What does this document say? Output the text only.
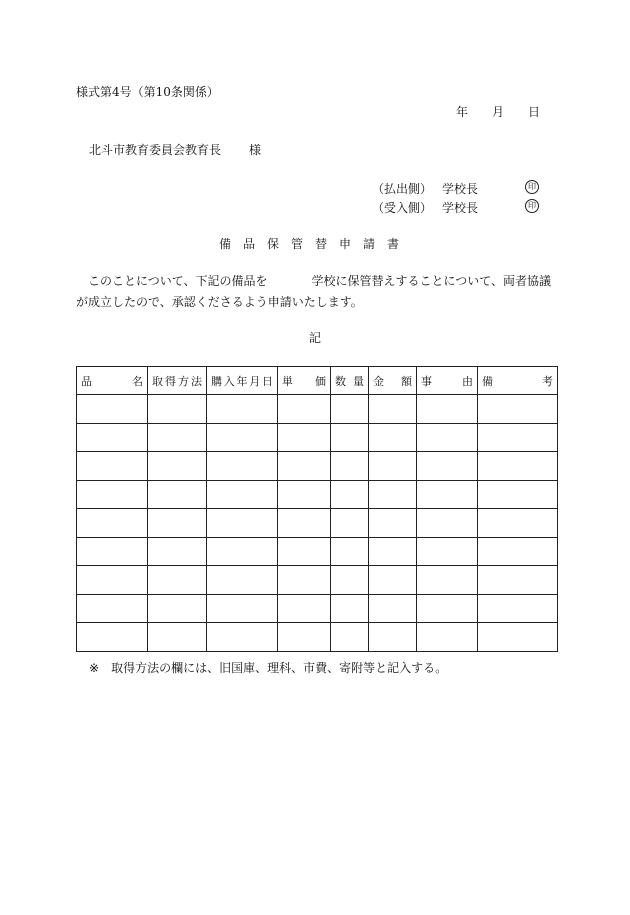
様式第4号（第10条関係）
年 月 日
北斗市教育委員会教育長 様
（払出側） 学校長	印
（受入側） 学校長	印
備品保管替申請書
このことについて、下記の備品を	学校に保管替えすることについて、両者協議が成立したので、承認くださるよう申請いたします。
記
品 名	取 得 方 法	購 入 年 月 日	単 価	数 量	金 額	事 由	備 考

※ 取得方法の欄には、旧国庫、理科、市費、寄附等と記入する。
